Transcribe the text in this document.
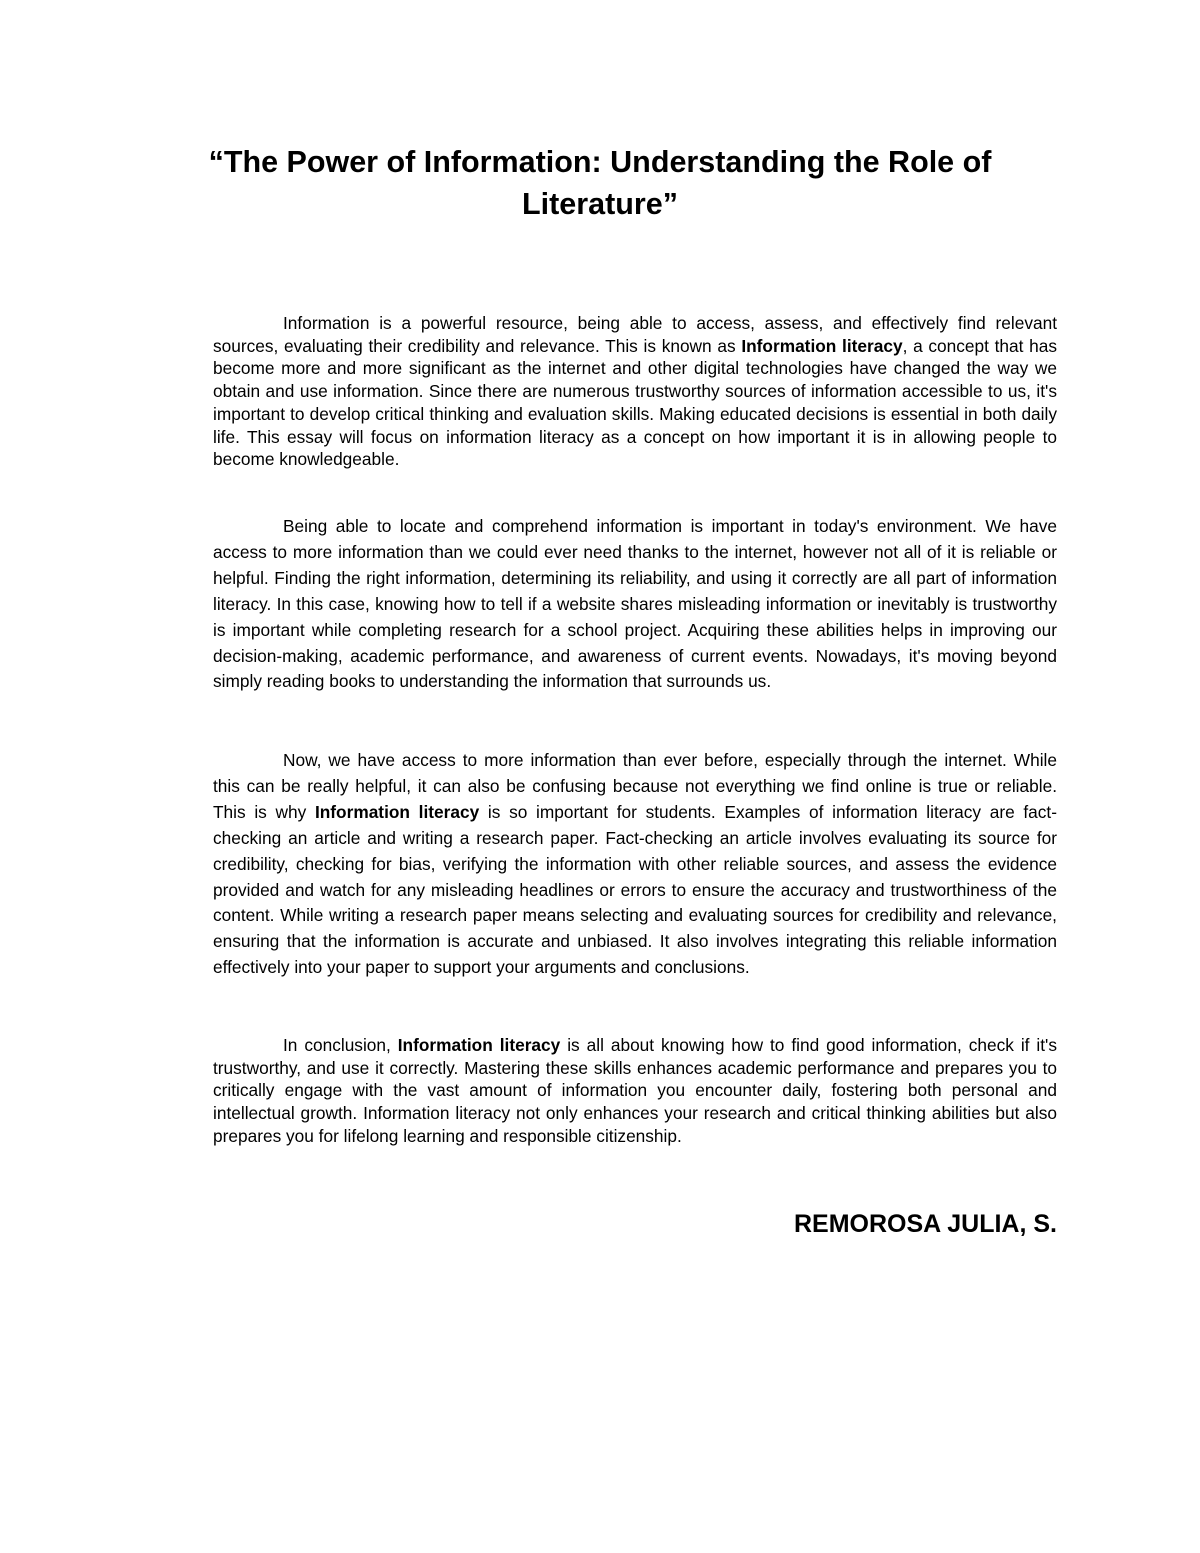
“The Power of Information: Understanding the Role of
Literature”

Information is a powerful resource, being able to access, assess, and effectively find relevant sources, evaluating their credibility and relevance. This is known as Information literacy, a concept that has become more and more significant as the internet and other digital technologies have changed the way we obtain and use information. Since there are numerous trustworthy sources of information accessible to us, it's important to develop critical thinking and evaluation skills. Making educated decisions is essential in both daily life. This essay will focus on information literacy as a concept on how important it is in allowing people to become knowledgeable.

Being able to locate and comprehend information is important in today's environment. We have access to more information than we could ever need thanks to the internet, however not all of it is reliable or helpful. Finding the right information, determining its reliability, and using it correctly are all part of information literacy. In this case, knowing how to tell if a website shares misleading information or inevitably is trustworthy is important while completing research for a school project. Acquiring these abilities helps in improving our decision-making, academic performance, and awareness of current events. Nowadays, it's moving beyond simply reading books to understanding the information that surrounds us.

Now, we have access to more information than ever before, especially through the internet. While this can be really helpful, it can also be confusing because not everything we find online is true or reliable. This is why Information literacy is so important for students. Examples of information literacy are fact-checking an article and writing a research paper. Fact-checking an article involves evaluating its source for credibility, checking for bias, verifying the information with other reliable sources, and assess the evidence provided and watch for any misleading headlines or errors to ensure the accuracy and trustworthiness of the content. While writing a research paper means selecting and evaluating sources for credibility and relevance, ensuring that the information is accurate and unbiased. It also involves integrating this reliable information effectively into your paper to support your arguments and conclusions.

In conclusion, Information literacy is all about knowing how to find good information, check if it's trustworthy, and use it correctly. Mastering these skills enhances academic performance and prepares you to critically engage with the vast amount of information you encounter daily, fostering both personal and intellectual growth. Information literacy not only enhances your research and critical thinking abilities but also prepares you for lifelong learning and responsible citizenship.

REMOROSA JULIA, S.
